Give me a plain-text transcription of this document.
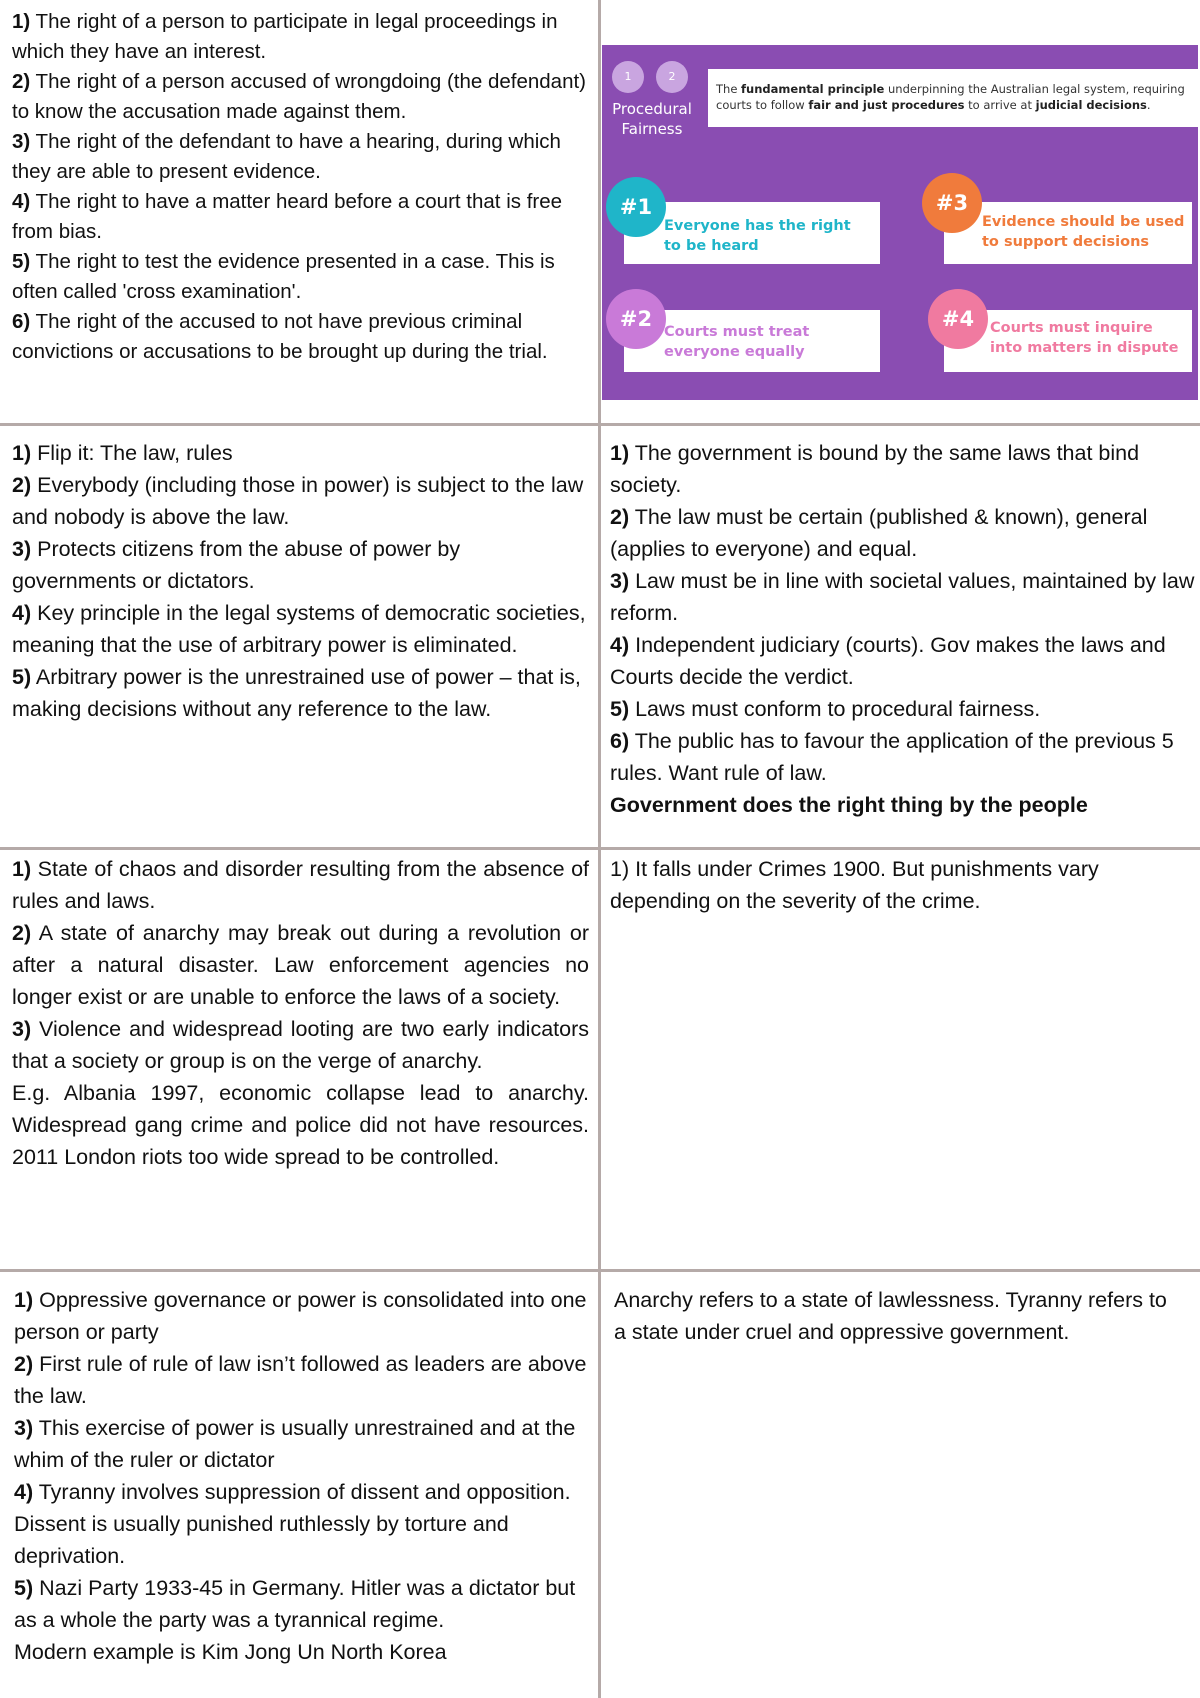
1) The right of a person to participate in legal proceedings in which they have an interest.

2) The right of a person accused of wrongdoing (the defendant) to know the accusation made against them.

3) The right of the defendant to have a hearing, during which they are able to present evidence.

4) The right to have a matter heard before a court that is free from bias.

5) The right to test the evidence presented in a case. This is often called 'cross examination'.

6) The right of the accused to not have previous criminal convictions or accusations to be brought up during the trial.

1	2
Procedural
Fairness
The fundamental principle underpinning the Australian legal system, requiring courts to follow fair and just procedures to arrive at judicial decisions.
Everyone has the right to be heard
#1
Courts must treat everyone equally
#2
Evidence should be used to support decisions
#3
Courts must inquire into matters in dispute
#4

1) Flip it: The law, rules

2) Everybody (including those in power) is subject to the law and nobody is above the law.

3) Protects citizens from the abuse of power by governments or dictators.

4) Key principle in the legal systems of democratic societies, meaning that the use of arbitrary power is eliminated.

5) Arbitrary power is the unrestrained use of power – that is, making decisions without any reference to the law.

1) The government is bound by the same laws that bind society.

2) The law must be certain (published & known), general (applies to everyone) and equal.

3) Law must be in line with societal values, maintained by law reform.

4) Independent judiciary (courts). Gov makes the laws and Courts decide the verdict.

5) Laws must conform to procedural fairness.

6) The public has to favour the application of the previous 5 rules. Want rule of law.

Government does the right thing by the people

1) State of chaos and disorder resulting from the absence of rules and laws.

2) A state of anarchy may break out during a revolution or after a natural disaster. Law enforcement agencies no longer exist or are unable to enforce the laws of a society.

3) Violence and widespread looting are two early indicators that a society or group is on the verge of anarchy.

E.g. Albania 1997, economic collapse lead to anarchy. Widespread gang crime and police did not have resources. 2011 London riots too wide spread to be controlled.

1) It falls under Crimes 1900. But punishments vary depending on the severity of the crime.

1) Oppressive governance or power is consolidated into one person or party

2) First rule of rule of law isn’t followed as leaders are above the law.

3) This exercise of power is usually unrestrained and at the whim of the ruler or dictator

4) Tyranny involves suppression of dissent and opposition. Dissent is usually punished ruthlessly by torture and deprivation.

5) Nazi Party 1933-45 in Germany. Hitler was a dictator but as a whole the party was a tyrannical regime.

Modern example is Kim Jong Un North Korea

Anarchy refers to a state of lawlessness. Tyranny refers to a state under cruel and oppressive government.
